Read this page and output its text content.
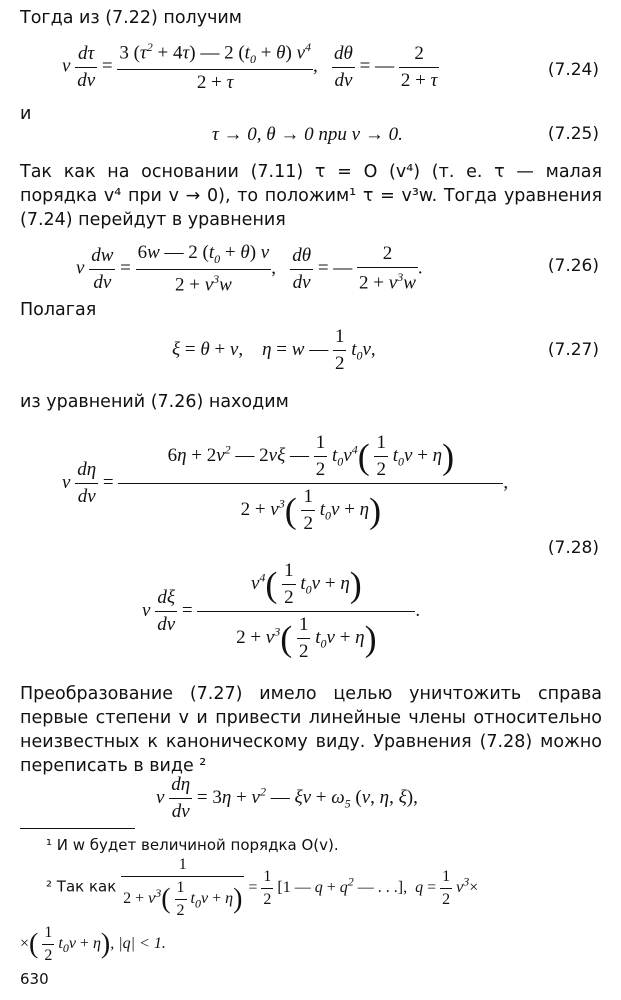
Тогда из (7.22) получим

v $\frac{d\tau}{dv} = \frac{3 (\tau^2 + 4\tau) — 2 (t_0 + \theta) v^4}{2 + \tau}$ , $\frac{d\theta}{dv}$ = — $\frac{2}{2 + \tau}$	(7.24)

и

τ → 0, θ → 0 при v → 0.	(7.25)

Так как на основании (7.11) τ = O (v⁴) (т. е. τ — малая порядка v⁴ при v → 0), то положим¹ τ = v³w. Тогда уравнения (7.24) перейдут в уравнения

v $\frac{dw}{dv} = \frac{6w — 2 (t_0 + \theta) v}{2 + v^3w}$ , $\frac{d\theta}{dv}$ = — $\frac{2}{2 + v^3w}$ .	(7.26)

Полагая

ξ = θ + v,    η = w — $\frac{1}{2} t_0v$,	(7.27)

из уравнений (7.26) находим

v $\frac{d\eta}{dv}$ =
$6\eta + 2v^2$ — 2vξ — $\frac{1}{2} t_0v^4( \frac{1}{2} t_0v + \eta)$
$2 + v^3( \frac{1}{2} t_0v + \eta)$
,
(7.28)
v $\frac{d\xi}{dv} = \frac{v^4( \frac{1}{2} t_0v + \eta)}{2 + v^3( \frac{1}{2} t_0v + \eta)}$ .

Преобразование (7.27) имело целью уничтожить справа первые степени v и привести линейные члены относительно неизвестных к каноническому виду. Уравнения (7.28) можно переписать в виде ²

v $\frac{d\eta}{dv} = 3\eta + v^2$ — $\xi v + \omega_5$ (v, η, ξ),
¹ И w будет величиной порядка O(v).
² Так как $\frac{1}{2 + v^3( \frac{1}{2} t_0v + \eta)} = \frac{1}{2} [1$ — $q + q^2$ — . . .],  $q = \frac{1}{2} v^3\times$
×( $\frac{1}{2} t_0v + \eta$), |q| < 1.
630
